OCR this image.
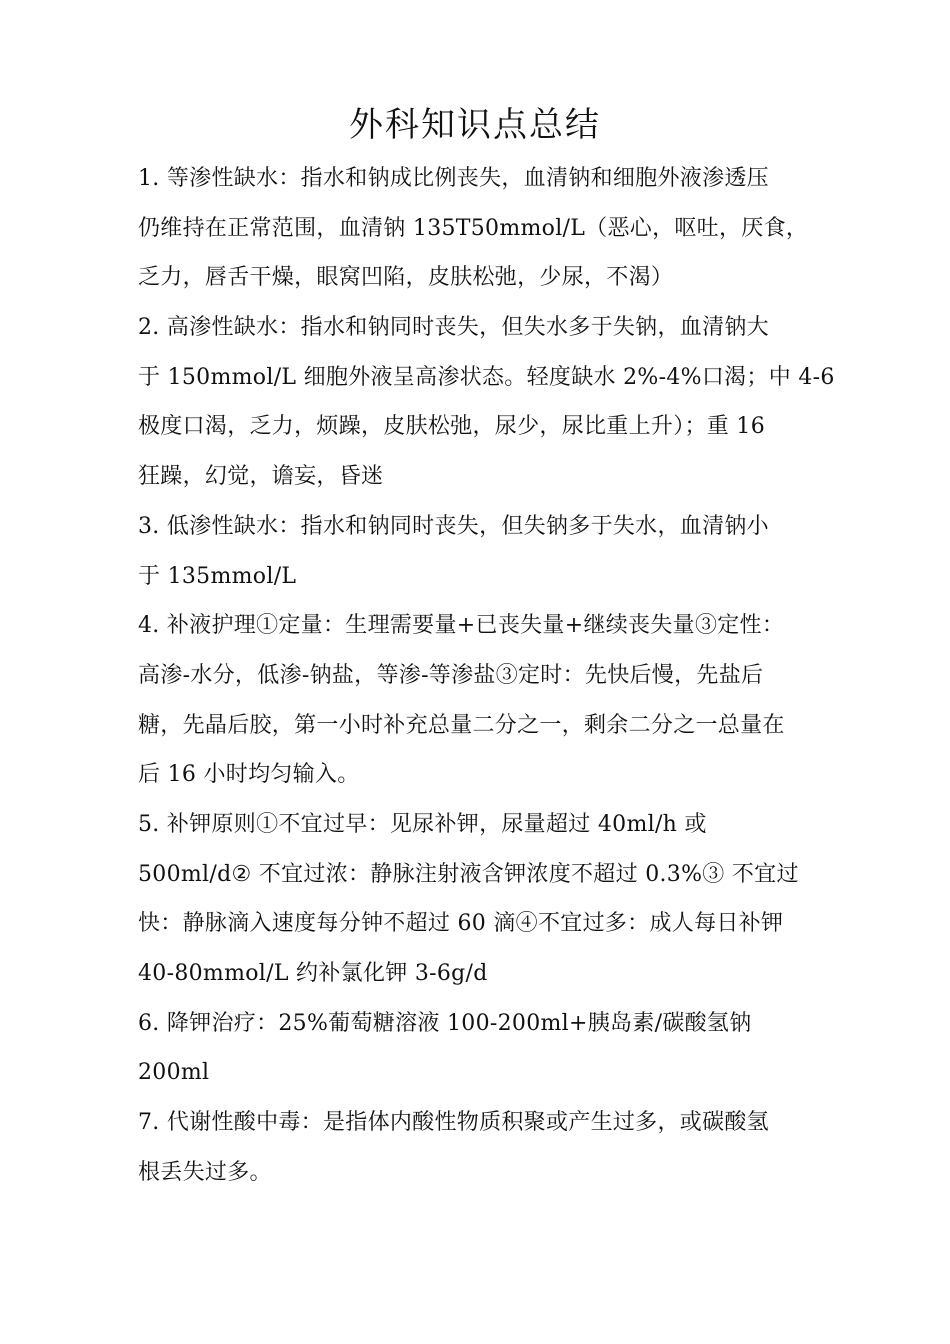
外科知识点总结
1. 等渗性缺水：指水和钠成比例丧失，血清钠和细胞外液渗透压
仍维持在正常范围，血清钠 135T50mmol/L（恶心，呕吐，厌食，
乏力，唇舌干燥，眼窝凹陷，皮肤松弛，少尿，不渴）
2. 高渗性缺水：指水和钠同时丧失，但失水多于失钠，血清钠大
于 150mmol/L 细胞外液呈高渗状态。轻度缺水 2%-4%口渴；中 4-6
极度口渴，乏力，烦躁，皮肤松弛，尿少，尿比重上升）；重 16
狂躁，幻觉，谵妄，昏迷
3. 低渗性缺水：指水和钠同时丧失，但失钠多于失水，血清钠小
于 135mmol/L
4. 补液护理①定量：生理需要量+已丧失量+继续丧失量③定性：
高渗-水分，低渗-钠盐，等渗-等渗盐③定时：先快后慢，先盐后
糖，先晶后胶，第一小时补充总量二分之一，剩余二分之一总量在
后 16 小时均匀输入。
5. 补钾原则①不宜过早：见尿补钾，尿量超过 40ml/h 或
500ml/d② 不宜过浓：静脉注射液含钾浓度不超过 0.3%③ 不宜过
快：静脉滴入速度每分钟不超过 60 滴④不宜过多：成人每日补钾
40-80mmol/L 约补氯化钾 3-6g/d
6. 降钾治疗：25%葡萄糖溶液 100-200ml+胰岛素/碳酸氢钠
200ml
7. 代谢性酸中毒：是指体内酸性物质积聚或产生过多，或碳酸氢
根丢失过多。
